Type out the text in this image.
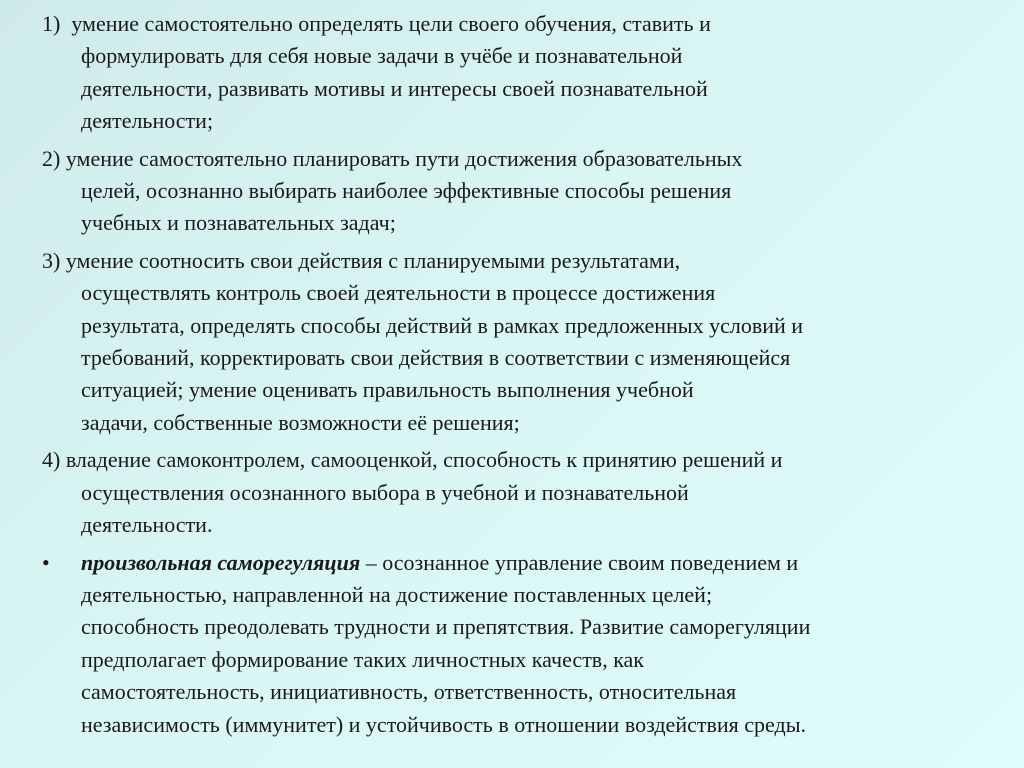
1)  умение самостоятельно определять цели своего обучения, ставить и
формулировать для себя новые задачи в учёбе и познавательной
деятельности, развивать мотивы и интересы своей познавательной
деятельности;
2) умение самостоятельно планировать пути достижения образовательных
целей, осознанно выбирать наиболее эффективные способы решения
учебных и познавательных задач;
3) умение соотносить свои действия с планируемыми результатами,
осуществлять контроль своей деятельности в процессе достижения
результата, определять способы действий в рамках предложенных условий и
требований, корректировать свои действия в соответствии с изменяющейся
ситуацией; умение оценивать правильность выполнения учебной
задачи, собственные возможности её решения;
4) владение самоконтролем, самооценкой, способность к принятию решений и
осуществления осознанного выбора в учебной и познавательной
деятельности.
• произвольная саморегуляция – осознанное управление своим поведением и
деятельностью, направленной на достижение поставленных целей;
способность преодолевать трудности и препятствия. Развитие саморегуляции
предполагает формирование таких личностных качеств, как
самостоятельность, инициативность, ответственность, относительная
независимость (иммунитет) и устойчивость в отношении воздействия среды.
